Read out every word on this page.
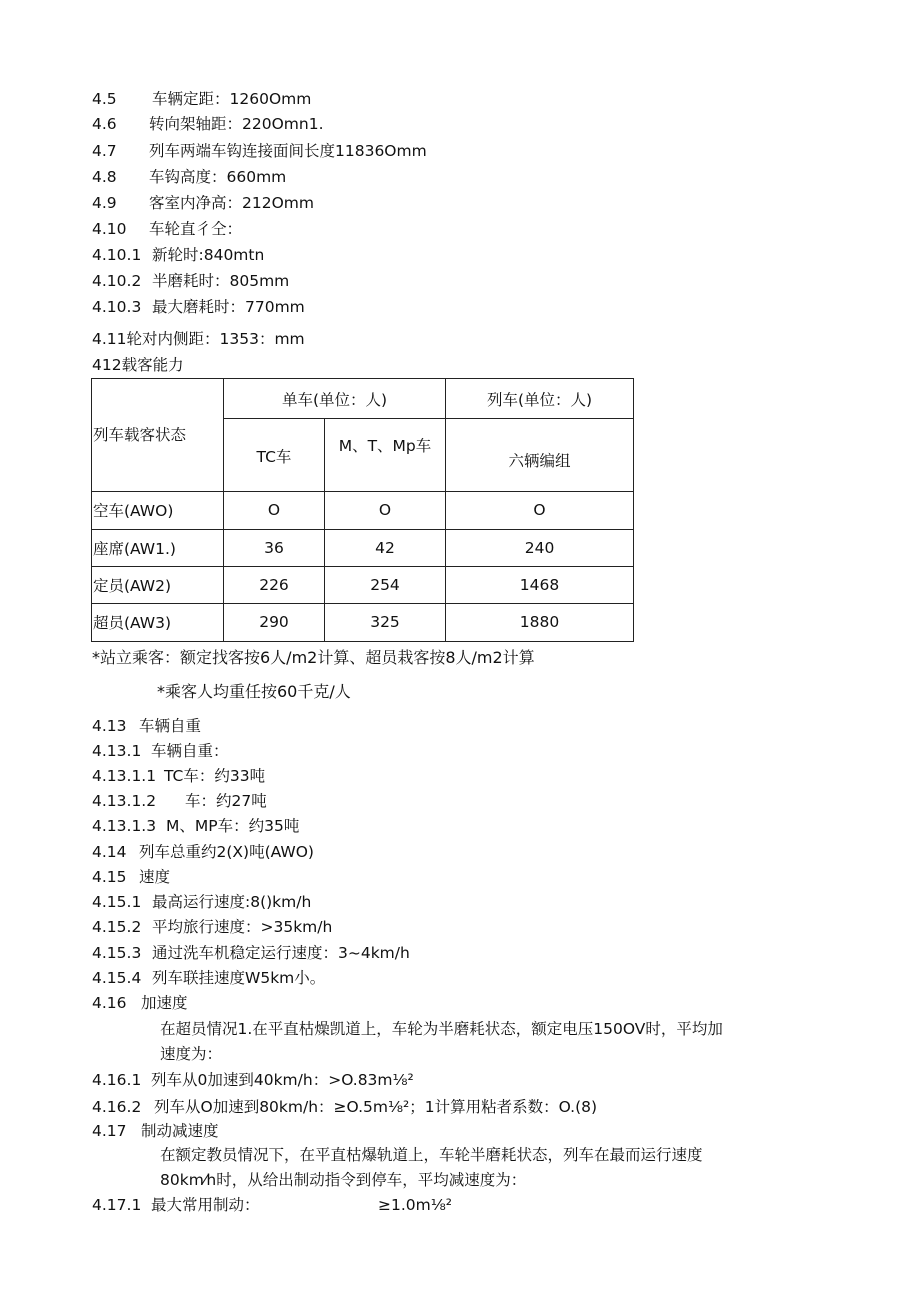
4.5 车辆定距：1260Omm
4.6 转向架轴距：220Omn1.
4.7 列车两端车钩连接面间长度11836Omm
4.8 车钩高度：660mm
4.9 客室内净高：212Omm
4.10 车轮直彳仝：
4.10.1 新轮时:840mtn
4.10.2 半磨耗时：805mm
4.10.3 最大磨耗时：770mm
4.11轮对内侧距：1353：mm
412载客能力
列车载客状态	单车(单位：人)		列车(单位：人)
	TC车	M、T、Mp车	六辆编组
空车(AWO)	O	O	O
座席(AW1.)	36	42	240
定员(AW2)	226	254	1468
超员(AW3)	290	325	1880
*站立乘客：额定找客按6人/m2计算、超员栽客按8人/m2计算
*乘客人均重任按60千克/人
4.13 车辆自重
4.13.1 车辆自重：
4.13.1.1 TC车：约33吨
4.13.1.2 车：约27吨
4.13.1.3 M、MP车：约35吨
4.14 列车总重约2(X)吨(AWO)
4.15 速度
4.15.1 最高运行速度:8()km/h
4.15.2 平均旅行速度：>35km/h
4.15.3 通过洗车机稳定运行速度：3~4km/h
4.15.4 列车联挂速度W5km小。
4.16 加速度
在超员情况1.在平直枯燥凯道上，车轮为半磨耗状态，额定电压150OV时，平均加
速度为：
4.16.1 列车从0加速到40km/h：>O.83m⅛²
4.16.2 列车从O加速到80km/h：≥O.5m⅛²；1计算用粘者系数：O.(8)
4.17 制动减速度
在额定教员情况下，在平直枯爆轨道上，车轮半磨耗状态，列车在最而运行速度
80km⁄h时，从给出制动指令到停车，平均减速度为：
4.17.1 最大常用制动：	≥1.0m⅛²
